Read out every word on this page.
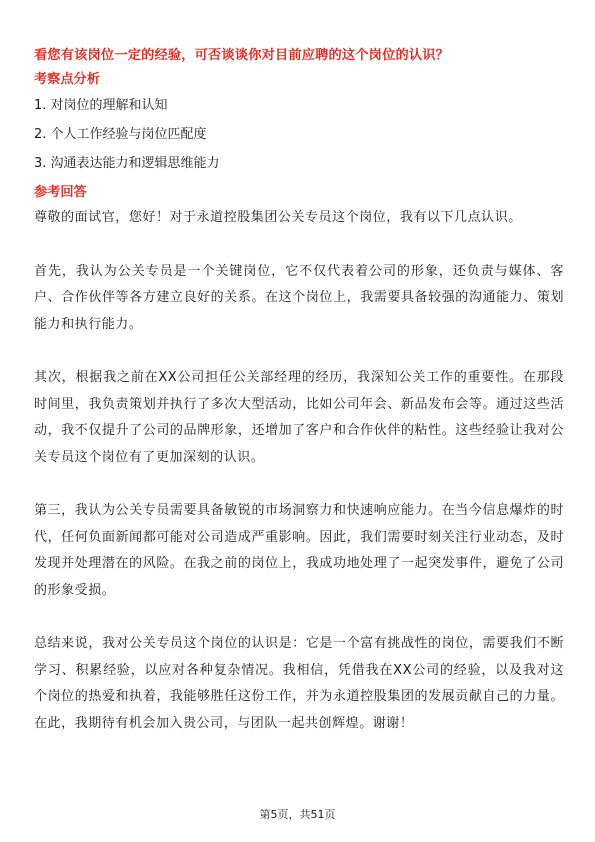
看您有该岗位一定的经验，可否谈谈你对目前应聘的这个岗位的认识？
考察点分析
1. 对岗位的理解和认知
2. 个人工作经验与岗位匹配度
3. 沟通表达能力和逻辑思维能力
参考回答

尊敬的面试官，您好！对于永道控股集团公关专员这个岗位，我有以下几点认识。

首先，我认为公关专员是一个关键岗位，它不仅代表着公司的形象，还负责与媒体、客户、合作伙伴等各方建立良好的关系。在这个岗位上，我需要具备较强的沟通能力、策划能力和执行能力。

其次，根据我之前在XX公司担任公关部经理的经历，我深知公关工作的重要性。在那段时间里，我负责策划并执行了多次大型活动，比如公司年会、新品发布会等。通过这些活动，我不仅提升了公司的品牌形象，还增加了客户和合作伙伴的粘性。这些经验让我对公关专员这个岗位有了更加深刻的认识。

第三，我认为公关专员需要具备敏锐的市场洞察力和快速响应能力。在当今信息爆炸的时代，任何负面新闻都可能对公司造成严重影响。因此，我们需要时刻关注行业动态，及时发现并处理潜在的风险。在我之前的岗位上，我成功地处理了一起突发事件，避免了公司的形象受损。

总结来说，我对公关专员这个岗位的认识是：它是一个富有挑战性的岗位，需要我们不断学习、积累经验，以应对各种复杂情况。我相信，凭借我在XX公司的经验，以及我对这个岗位的热爱和执着，我能够胜任这份工作，并为永道控股集团的发展贡献自己的力量。在此，我期待有机会加入贵公司，与团队一起共创辉煌。谢谢！

第5页，共51页
